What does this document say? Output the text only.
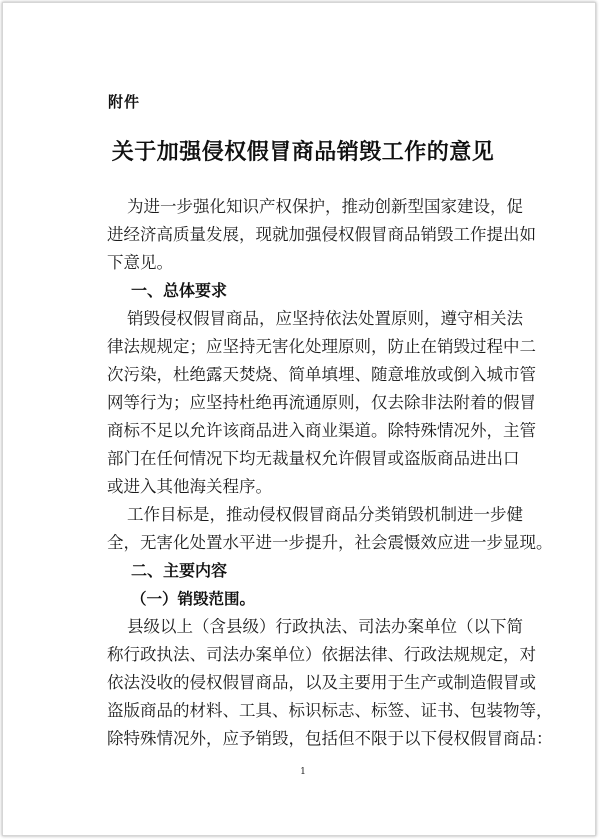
附件
关于加强侵权假冒商品销毁工作的意见
为进一步强化知识产权保护，推动创新型国家建设，促
进经济高质量发展，现就加强侵权假冒商品销毁工作提出如
下意见。
一、总体要求
销毁侵权假冒商品，应坚持依法处置原则，遵守相关法
律法规规定；应坚持无害化处理原则，防止在销毁过程中二
次污染，杜绝露天焚烧、简单填埋、随意堆放或倒入城市管
网等行为；应坚持杜绝再流通原则，仅去除非法附着的假冒
商标不足以允许该商品进入商业渠道。除特殊情况外，主管
部门在任何情况下均无裁量权允许假冒或盗版商品进出口
或进入其他海关程序。
工作目标是，推动侵权假冒商品分类销毁机制进一步健
全，无害化处置水平进一步提升，社会震慑效应进一步显现。
二、主要内容
（一）销毁范围。
县级以上（含县级）行政执法、司法办案单位（以下简
称行政执法、司法办案单位）依据法律、行政法规规定，对
依法没收的侵权假冒商品，以及主要用于生产或制造假冒或
盗版商品的材料、工具、标识标志、标签、证书、包装物等，
除特殊情况外，应予销毁，包括但不限于以下侵权假冒商品：
1
